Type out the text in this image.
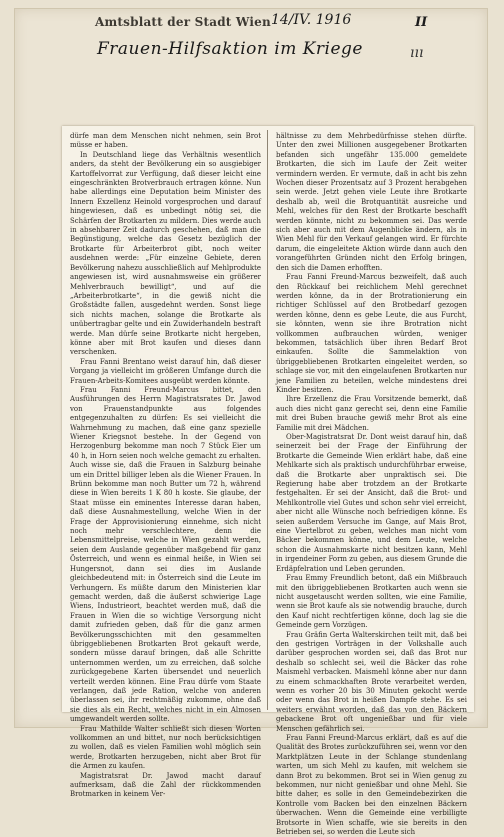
Amtsblatt der Stadt Wien 14/IV. 1916	II
Frauen-Hilfsaktion im Kriege	ııı

dürfe man dem Menschen nicht nehmen, sein Brot müsse er haben.

In Deutschland liege das Verhältnis wesentlich anders, da steht der Bevölkerung ein so ausgiebiger Kartoffelvorrat zur Verfügung, daß dieser leicht eine eingeschränkten Brotverbrauch ertragen könne. Nun habe allerdings eine Deputation beim Minister des Innern Exzellenz Heinold vorgesprochen und darauf hingewiesen, daß es unbedingt nötig sei, die Schärfen der Brotkarten zu mildern. Dies werde auch in absehbarer Zeit dadurch geschehen, daß man die Begünstigung, welche das Gesetz bezüglich der Brotkarte für Arbeiterbrot gibt, noch weiter ausdehnen werde: „Für einzelne Gebiete, deren Bevölkerung nahezu ausschließlich auf Mehlprodukte angewiesen ist, wird ausnahmsweise ein größerer Mehlverbrauch bewilligt“, und auf die „Arbeiterbrotkarte“, in die gewiß nicht die Großstädte fallen, ausgedehnt werden. Sonst liege sich nichts machen, solange die Brotkarte als unübertragbar gelte und ein Zuwiderhandeln bestraft werde. Man dürfe seine Brotkarte nicht hergeben, könne aber mit Brot kaufen und dieses dann verschenken.

Frau Fanni Brentano weist darauf hin, daß dieser Vorgang ja vielleicht im größeren Umfange durch die Frauen-Arbeits-Komitees ausgeübt werden könnte.

Frau Fanni Freund-Marcus bittet, den Ausführungen des Herrn Magistratsrates Dr. Jawod von Frauenstandpunkte aus folgendes entgegenzuhalten zu dürfen: Es sei vielleicht die Wahrnehmung zu machen, daß eine ganz spezielle Wiener Kriegsnot bestehe. In der Gegend von Herzogenburg bekomme man noch 7 Stück Eier um 40 h, in Horn seien noch welche gemacht zu erhalten. Auch wisse sie, daß die Frauen in Salzburg beinahe um ein Drittel billiger leben als die Wiener Frauen. In Brünn bekomme man noch Butter um 72 h, während diese in Wien bereits 1 K 80 h koste. Sie glaube, der Staat müsse ein eminentes Interesse daran haben, daß diese Ausnahmestellung, welche Wien in der Frage der Approvisionierung einnehme, sich nicht noch mehr verschlechtere, denn die Lebensmittelpreise, welche in Wien gezahlt werden, seien dem Auslande gegenüber maßgebend für ganz Österreich, und wenn es einmal heiße, in Wien sei Hungersnot, dann sei dies im Auslande gleichbedeutend mit: in Österreich sind die Leute im Verhungern. Es müßte darum den Ministerien klar gemacht werden, daß die äußerst schwierige Lage Wiens, Industrieort, beachtet werden muß, daß die Frauen in Wien die so wichtige Versorgung nicht damit zufrieden geben, daß für die ganz armen Bevölkerungsschichten mit den gesammelten übriggebliebenen Brotkarten Brot gekauft werde, sondern müsse darauf bringen, daß alle Schritte unternommen werden, um zu erreichen, daß solche zurückgegebene Karten übersendet und neuerlich verteilt werden können. Eine Frau dürfe vom Staate verlangen, daß jede Ration, welche von anderen überlassen sei, ihr rechtmäßig zukomme, ohne daß sie dies als ein Recht, welches nicht in ein Almosen umgewandelt werden sollte.

Frau Mathilde Walter schließt sich diesen Worten vollkommen an und bittet, nur noch berücksichtigen zu wollen, daß es vielen Familien wohl möglich sein werde, Brotkarten herzugeben, nicht aber Brot für die Armen zu kaufen.

Magistratsrat Dr. Jawod macht darauf aufmerksam, daß die Zahl der rückkommenden Brotmarken in keinem Ver-

hältnisse zu dem Mehrbedürfnisse stehen dürfte. Unter den zwei Millionen ausgegebener Brotkarten befanden sich ungefähr 135.000 gemeldete Brotkarten, die sich im Laufe der Zeit weiter vermindern werden. Er vermute, daß in acht bis zehn Wochen dieser Prozentsatz auf 3 Prozent herabgehen sein werde. Jetzt gehen viele Leute ihre Brotkarte deshalb ab, weil die Brotquantität ausreiche und Mehl, welches für den Rest der Brotkarte beschafft werden könnte, nicht zu bekommen sei. Das werde sich aber auch mit dem Augenblicke ändern, als in Wien Mehl für den Verkauf gelangen wird. Er fürchte darum, die eingeleitete Aktion würde dann auch den vorangeführten Gründen nicht den Erfolg bringen, den sich die Damen erhofften.

Frau Fanni Freund-Marcus bezweifelt, daß auch den Rückkauf bei reichlichem Mehl gerechnet werden könne, da in der Brotrationierung ein richtiger Schlüssel auf den Brotbedarf gezogen werden könne, denn es gebe Leute, die aus Furcht, sie könnten, wenn sie ihre Brotration nicht vollkommen aufbrauchen würden, weniger bekommen, tatsächlich über ihren Bedarf Brot einkaufen. Sollte die Sammelaktion von übriggebliebenen Brotkarten eingeleitet werden, so schlage sie vor, mit den eingelaufenen Brotkarten nur jene Familien zu beteilen, welche mindestens drei Kinder besitzen.

Ihre Erzellenz die Frau Vorsitzende bemerkt, daß auch dies nicht ganz gerecht sei, denn eine Familie mit drei Buben brauche gewiß mehr Brot als eine Familie mit drei Mädchen.

Ober-Magistratsrat Dr. Dont weist darauf hin, daß seinerzeit bei der Frage der Einführung der Brotkarte die Gemeinde Wien erklärt habe, daß eine Mehlkarte sich als praktisch undurchführbar erweise, daß die Brotkarte aber unpraktisch sei. Die Regierung habe aber trotzdem an der Brotkarte festgehalten. Er sei der Ansicht, daß die Brot- und Mehlkontrolle viel Gutes und schon sehr viel erreicht, aber nicht alle Wünsche noch befriedigen könne. Es seien außerdem Versuche im Gange, auf Mais Brot, eine Viertelbrot zu geben, welches man nicht vom Bäcker bekommen könne, und dem Leute, welche schon die Ausnahmskarte nicht besitzen kann, Mehl in irgendeiner Form zu geben, aus diesem Grunde die Erdäpfelration und Leben gerunden.

Frau Emmy Freundlich betont, daß ein Mißbrauch mit den übriggebliebenen Brotkarten auch wenn sie nicht ausgetauscht werden sollten, wie eine Familie, wenn sie Brot kaufe als sie notwendig brauche, durch den Kauf nicht rechtfertigen könne, doch lag sie die Gemeinde gern Vorzügen.

Frau Gräfin Gerta Walterskirchen teilt mit, daß bei den gestrigen Vorträgen in der Volkshalle auch darüber gesprochen worden sei, daß das Brot nur deshalb so schlecht sei, weil die Bäcker das rohe Maismehl verbacken. Maismehl könne aber nur dann zu einem schmackhaften Brote verarbeitet werden, wenn es vorher 20 bis 30 Minuten gekocht werde oder wenn das Brot in heißen Dampfe stehe. Es sei weiters erwähnt worden, daß das von den Bäckern gebackene Brot oft ungenießbar und für viele Menschen gefährlich sei.

Frau Fanni Freund-Marcus erklärt, daß es auf die Qualität des Brotes zurückzuführen sei, wenn vor den Marktplätzen Leute in der Schlange stundenlang warten, um sich Mehl zu kaufen, mit welchem sie dann Brot zu bekommen. Brot sei in Wien genug zu bekommen, nur nicht genießbar und ohne Mehl. Sie bitte daher, es solle in den Gemeindebezirken die Kontrolle vom Backen bei den einzelnen Bäckern überwachen. Wenn die Gemeinde eine verbilligte Brotsorte in Wien schaffe, wie sie bereits in den Betrieben sei, so werden die Leute sich
